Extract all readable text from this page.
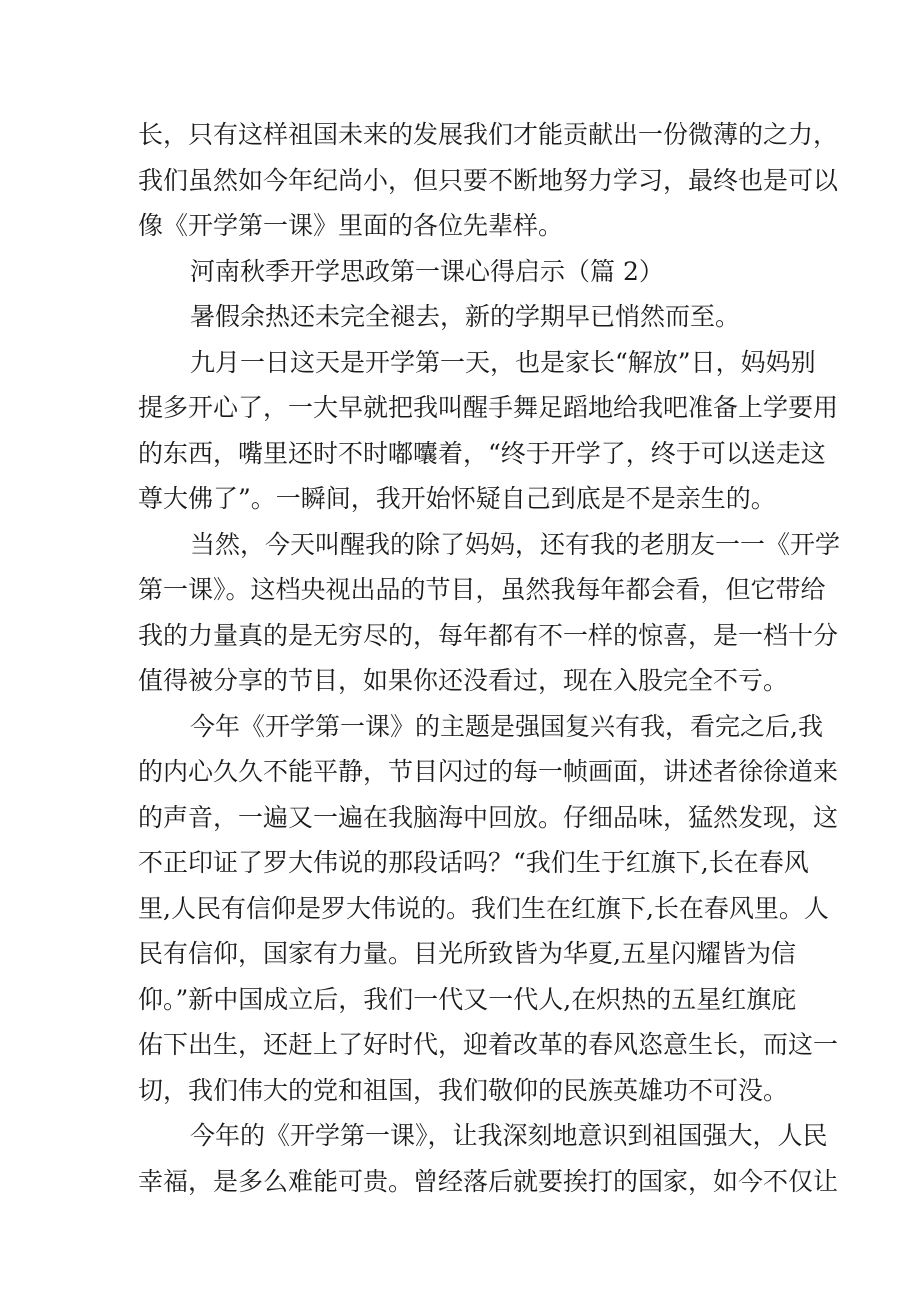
长，只有这样祖国未来的发展我们才能贡献出一份微薄的之力，
我们虽然如今年纪尚小，但只要不断地努力学习，最终也是可以
像《开学第一课》里面的各位先辈样。
河南秋季开学思政第一课心得启示（篇 2）
暑假余热还未完全褪去，新的学期早已悄然而至。
九月一日这天是开学第一天，也是家长“解放”日，妈妈别
提多开心了，一大早就把我叫醒手舞足蹈地给我吧准备上学要用
的东西，嘴里还时不时嘟囔着，“终于开学了，终于可以送走这
尊大佛了”。一瞬间，我开始怀疑自己到底是不是亲生的。
当然，今天叫醒我的除了妈妈，还有我的老朋友一一《开学
第一课》。这档央视出品的节目，虽然我每年都会看，但它带给
我的力量真的是无穷尽的，每年都有不一样的惊喜，是一档十分
值得被分享的节目，如果你还没看过，现在入股完全不亏。
今年《开学第一课》的主题是强国复兴有我，看完之后,我
的内心久久不能平静，节目闪过的每一帧画面，讲述者徐徐道来
的声音，一遍又一遍在我脑海中回放。仔细品味，猛然发现，这
不正印证了罗大伟说的那段话吗？“我们生于红旗下,长在春风
里,人民有信仰是罗大伟说的。我们生在红旗下,长在春风里。人
民有信仰，国家有力量。目光所致皆为华夏,五星闪耀皆为信
仰。”新中国成立后，我们一代又一代人,在炽热的五星红旗庇
佑下出生，还赶上了好时代，迎着改革的春风恣意生长，而这一
切，我们伟大的党和祖国，我们敬仰的民族英雄功不可没。
今年的《开学第一课》，让我深刻地意识到祖国强大，人民
幸福，是多么难能可贵。曾经落后就要挨打的国家，如今不仅让
